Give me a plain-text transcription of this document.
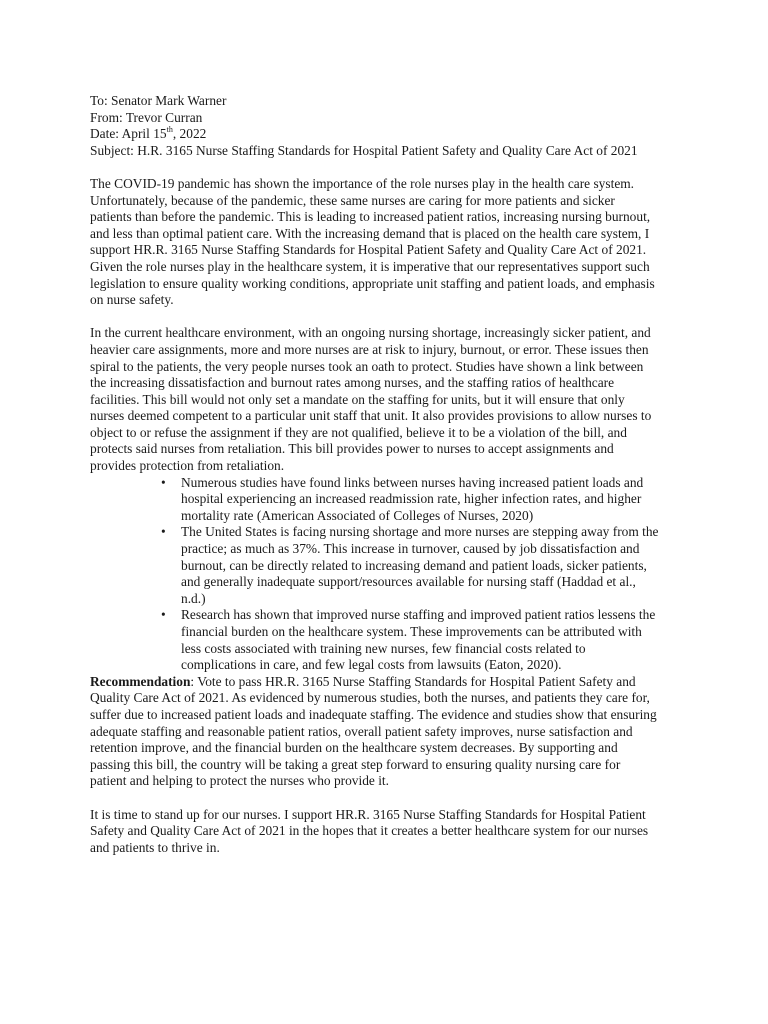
To: Senator Mark Warner

From: Trevor Curran

Date: April 15th, 2022

Subject: H.R. 3165 Nurse Staffing Standards for Hospital Patient Safety and Quality Care Act of 2021

The COVID-19 pandemic has shown the importance of the role nurses play in the health care system.
Unfortunately, because of the pandemic, these same nurses are caring for more patients and sicker
patients than before the pandemic. This is leading to increased patient ratios, increasing nursing burnout,
and less than optimal patient care. With the increasing demand that is placed on the health care system, I
support HR.R. 3165 Nurse Staffing Standards for Hospital Patient Safety and Quality Care Act of 2021.
Given the role nurses play in the healthcare system, it is imperative that our representatives support such
legislation to ensure quality working conditions, appropriate unit staffing and patient loads, and emphasis
on nurse safety.
In the current healthcare environment, with an ongoing nursing shortage, increasingly sicker patient, and
heavier care assignments, more and more nurses are at risk to injury, burnout, or error. These issues then
spiral to the patients, the very people nurses took an oath to protect. Studies have shown a link between
the increasing dissatisfaction and burnout rates among nurses, and the staffing ratios of healthcare
facilities. This bill would not only set a mandate on the staffing for units, but it will ensure that only
nurses deemed competent to a particular unit staff that unit. It also provides provisions to allow nurses to
object to or refuse the assignment if they are not qualified, believe it to be a violation of the bill, and
protects said nurses from retaliation. This bill provides power to nurses to accept assignments and
provides protection from retaliation.
• Numerous studies have found links between nurses having increased patient loads and
hospital experiencing an increased readmission rate, higher infection rates, and higher
mortality rate (American Associated of Colleges of Nurses, 2020)
• The United States is facing nursing shortage and more nurses are stepping away from the
practice; as much as 37%. This increase in turnover, caused by job dissatisfaction and
burnout, can be directly related to increasing demand and patient loads, sicker patients,
and generally inadequate support/resources available for nursing staff (Haddad et al.,
n.d.)
• Research has shown that improved nurse staffing and improved patient ratios lessens the
financial burden on the healthcare system. These improvements can be attributed with
less costs associated with training new nurses, few financial costs related to
complications in care, and few legal costs from lawsuits (Eaton, 2020).
Recommendation: Vote to pass HR.R. 3165 Nurse Staffing Standards for Hospital Patient Safety and
Quality Care Act of 2021. As evidenced by numerous studies, both the nurses, and patients they care for,
suffer due to increased patient loads and inadequate staffing. The evidence and studies show that ensuring
adequate staffing and reasonable patient ratios, overall patient safety improves, nurse satisfaction and
retention improve, and the financial burden on the healthcare system decreases. By supporting and
passing this bill, the country will be taking a great step forward to ensuring quality nursing care for
patient and helping to protect the nurses who provide it.
It is time to stand up for our nurses. I support HR.R. 3165 Nurse Staffing Standards for Hospital Patient
Safety and Quality Care Act of 2021 in the hopes that it creates a better healthcare system for our nurses
and patients to thrive in.
